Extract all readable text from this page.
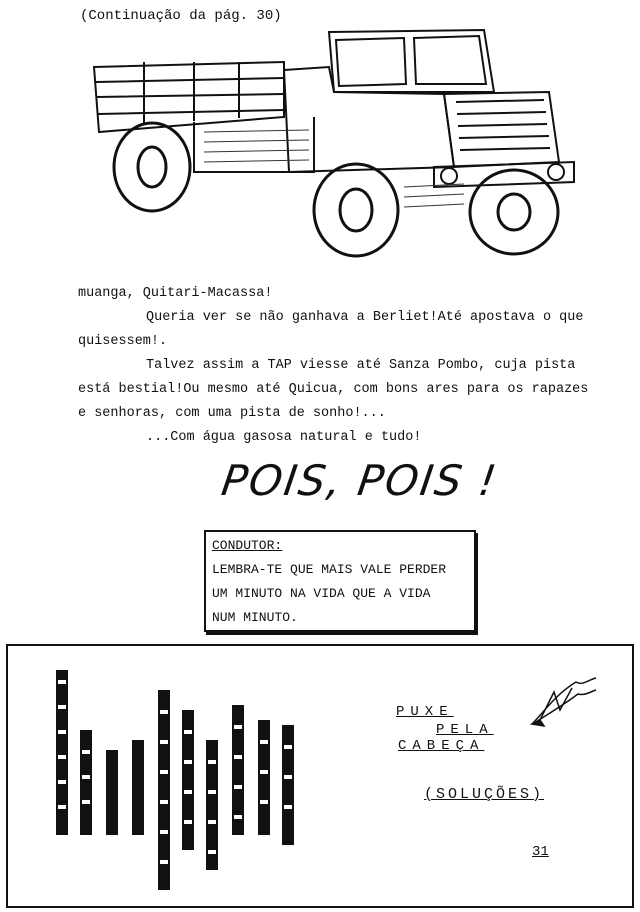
(Continuação da pág. 30)

muanga, Quitari-Macassa!

Queria ver se não ganhava a Berliet!Até apostava o que quisessem!.

Talvez assim a TAP viesse até Sanza Pombo, cuja pista está bestial!Ou mesmo até Quicua, com bons ares para os rapazes e senhoras, com uma pista de sonho!...

...Com água gasosa natural e tudo!

POIS, POIS !
CONDUTOR:
LEMBRA-TE QUE MAIS VALE PERDER
UM MINUTO NA VIDA QUE A VIDA
NUM MINUTO.
PUXE
PELA
CABEÇA
(SOLUÇÕES)
31
